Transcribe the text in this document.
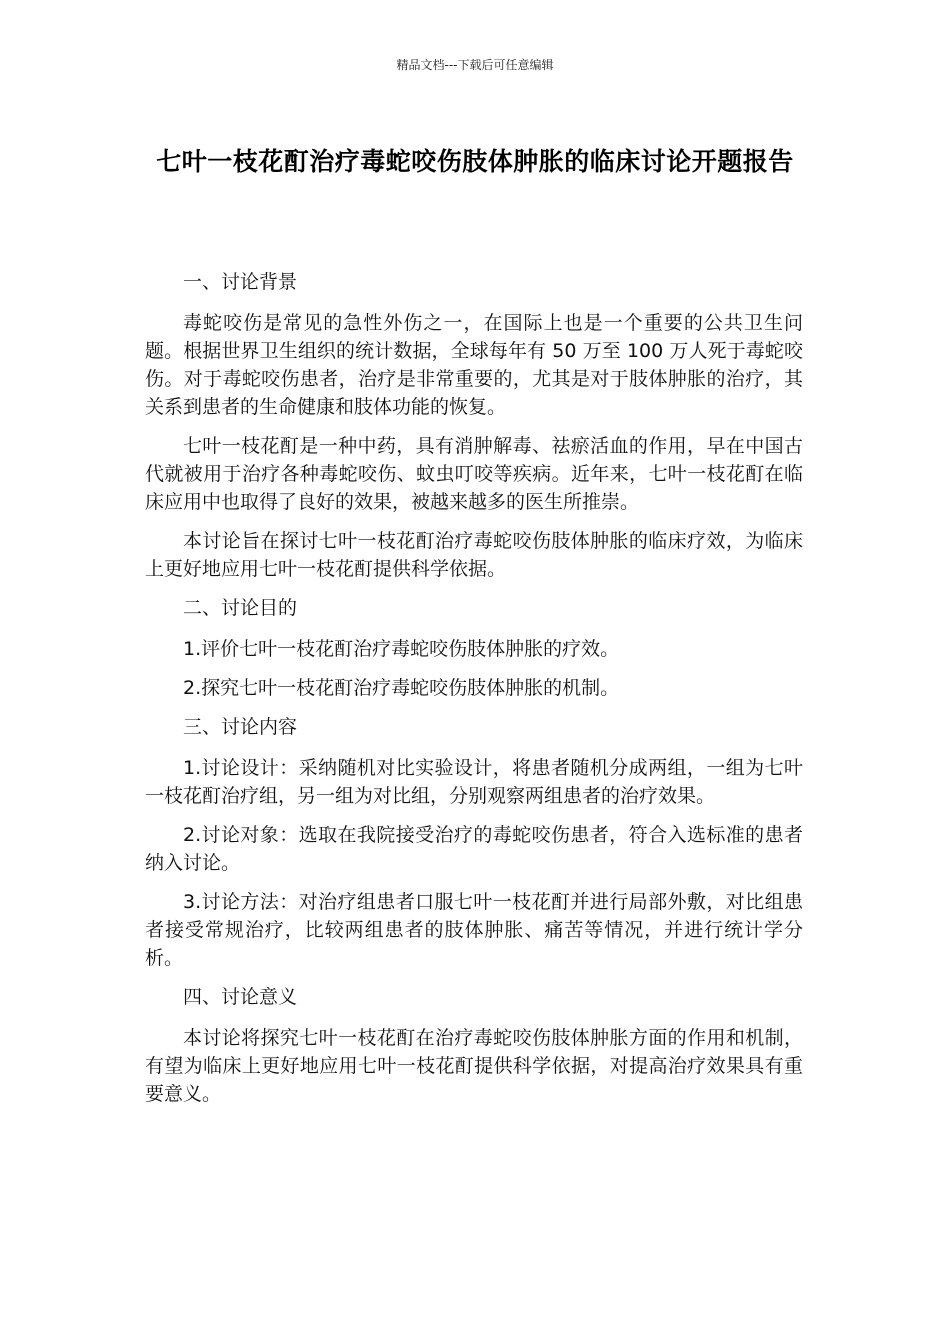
精品文档---下载后可任意编辑
七叶一枝花酊治疗毒蛇咬伤肢体肿胀的临床讨论开题报告

一、讨论背景

毒蛇咬伤是常见的急性外伤之一，在国际上也是一个重要的公共卫生问题。根据世界卫生组织的统计数据，全球每年有 50 万至 100 万人死于毒蛇咬伤。对于毒蛇咬伤患者，治疗是非常重要的，尤其是对于肢体肿胀的治疗，其关系到患者的生命健康和肢体功能的恢复。

七叶一枝花酊是一种中药，具有消肿解毒、祛瘀活血的作用，早在中国古代就被用于治疗各种毒蛇咬伤、蚊虫叮咬等疾病。近年来，七叶一枝花酊在临床应用中也取得了良好的效果，被越来越多的医生所推崇。

本讨论旨在探讨七叶一枝花酊治疗毒蛇咬伤肢体肿胀的临床疗效，为临床上更好地应用七叶一枝花酊提供科学依据。

二、讨论目的

1.评价七叶一枝花酊治疗毒蛇咬伤肢体肿胀的疗效。

2.探究七叶一枝花酊治疗毒蛇咬伤肢体肿胀的机制。

三、讨论内容

1.讨论设计：采纳随机对比实验设计，将患者随机分成两组，一组为七叶一枝花酊治疗组，另一组为对比组，分别观察两组患者的治疗效果。

2.讨论对象：选取在我院接受治疗的毒蛇咬伤患者，符合入选标准的患者纳入讨论。

3.讨论方法：对治疗组患者口服七叶一枝花酊并进行局部外敷，对比组患者接受常规治疗，比较两组患者的肢体肿胀、痛苦等情况，并进行统计学分析。

四、讨论意义

本讨论将探究七叶一枝花酊在治疗毒蛇咬伤肢体肿胀方面的作用和机制，有望为临床上更好地应用七叶一枝花酊提供科学依据，对提高治疗效果具有重要意义。
